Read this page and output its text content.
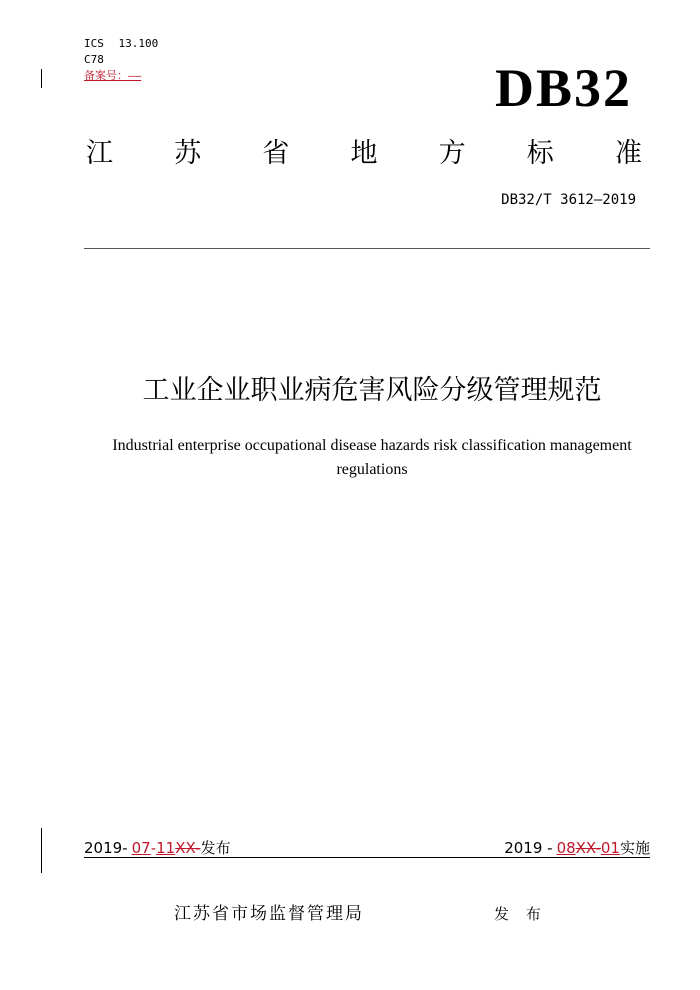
ICS 13.100
C78
备案号：——	DB32
江 苏 省 地 方 标 准
DB32/T 3612—2019
工业企业职业病危害风险分级管理规范
Industrial enterprise occupational disease hazards risk classification management regulations
2019- 07-11XX-发布	2019 - 08XX-01实施
江苏省市场监督管理局	发 布
